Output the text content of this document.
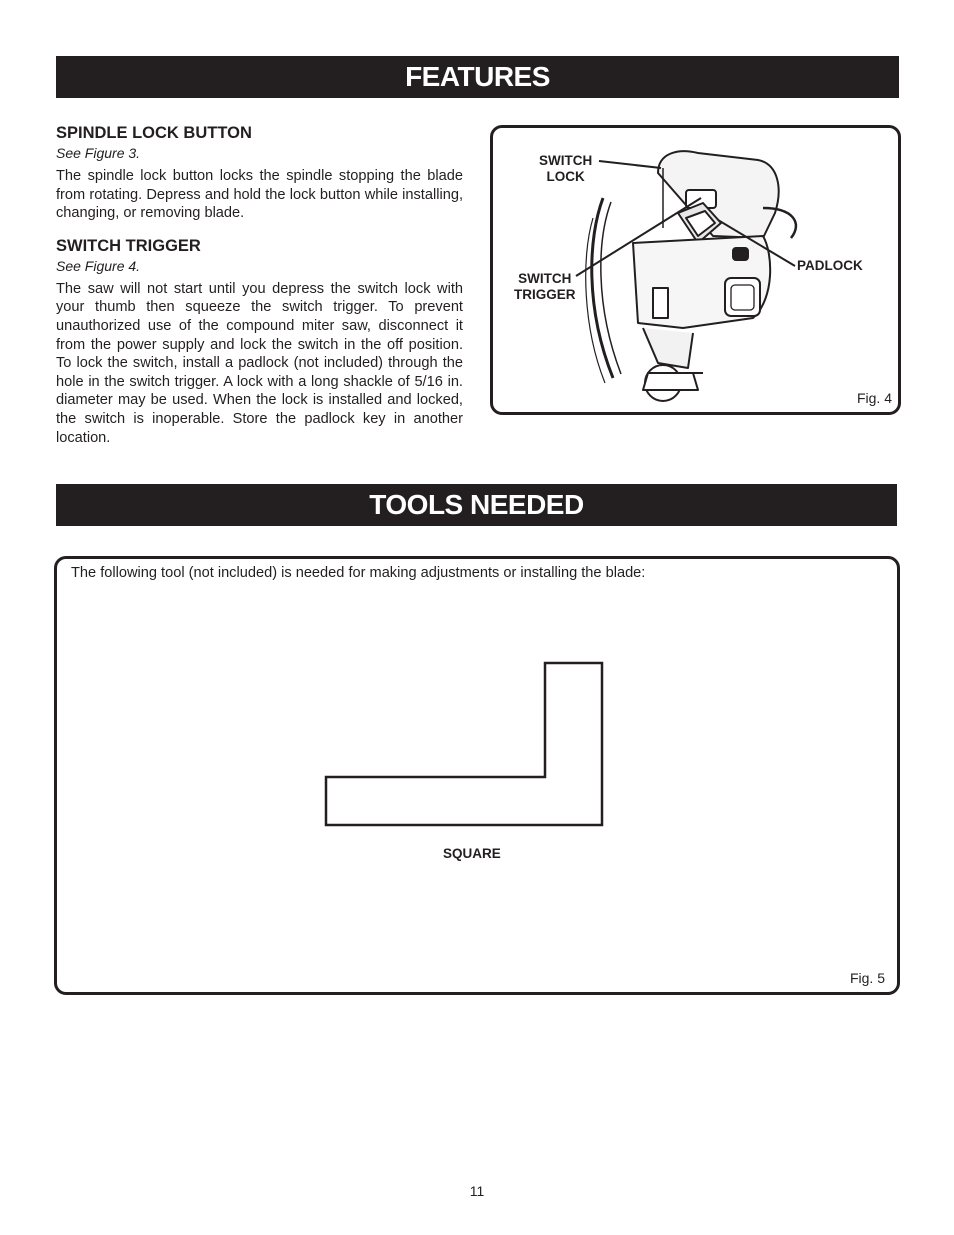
FEATURES

SPINDLE LOCK BUTTON

See Figure 3.

The spindle lock button locks the spindle stopping the blade from rotating. Depress and hold the lock button while installing, changing, or removing blade.

SWITCH TRIGGER

See Figure 4.

The saw will not start until you depress the switch lock with your thumb then squeeze the switch trigger. To prevent unauthorized use of the compound miter saw, disconnect it from the power supply and lock the switch in the off position. To lock the switch, install a padlock (not included) through the hole in the switch trigger. A lock with a long shackle of 5/16 in. diameter may be used. When the lock is installed and locked, the switch is inoperable. Store the padlock key in another location.

SWITCH
LOCK
SWITCH
TRIGGER
PADLOCK
Fig. 4
TOOLS NEEDED
The following tool (not included) is needed for making adjustments or installing the blade:
SQUARE
Fig. 5
11
